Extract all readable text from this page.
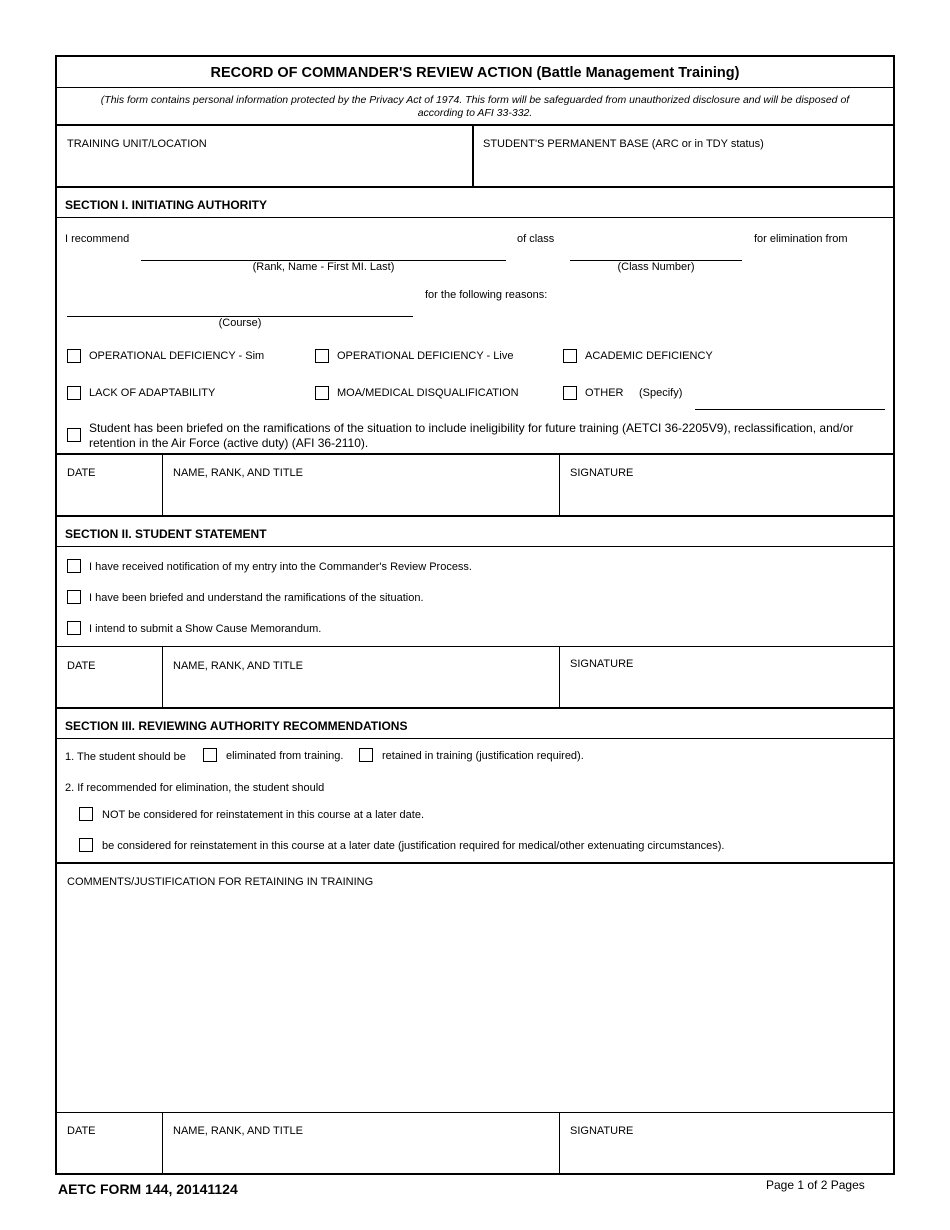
RECORD OF COMMANDER'S REVIEW ACTION (Battle Management Training)
(This form contains personal information protected by the Privacy Act of 1974. This form will be safeguarded from unauthorized disclosure and will be disposed of according to AFI 33-332.
TRAINING UNIT/LOCATION	STUDENT'S PERMANENT BASE (ARC or in TDY status)
SECTION I. INITIATING AUTHORITY
I recommend
(Rank, Name - First MI. Last)
of class
(Class Number)
for elimination from
for the following reasons:
(Course)
OPERATIONAL DEFICIENCY - Sim	OPERATIONAL DEFICIENCY - Live	ACADEMIC DEFICIENCY
LACK OF ADAPTABILITY	MOA/MEDICAL DISQUALIFICATION	OTHER (Specify)
Student has been briefed on the ramifications of the situation to include ineligibility for future training (AETCI 36-2205V9), reclassification, and/or
retention in the Air Force (active duty) (AFI 36-2110).
DATE	NAME, RANK, AND TITLE	SIGNATURE
SECTION II. STUDENT STATEMENT
I have received notification of my entry into the Commander's Review Process.
I have been briefed and understand the ramifications of the situation.
I intend to submit a Show Cause Memorandum.
DATE	NAME, RANK, AND TITLE	SIGNATURE
SECTION III. REVIEWING AUTHORITY RECOMMENDATIONS
1. The student should be	eliminated from training.	retained in training (justification required).
2. If recommended for elimination, the student should
NOT be considered for reinstatement in this course at a later date.
be considered for reinstatement in this course at a later date (justification required for medical/other extenuating circumstances).
COMMENTS/JUSTIFICATION FOR RETAINING IN TRAINING
DATE	NAME, RANK, AND TITLE	SIGNATURE
AETC FORM 144, 20141124	Page 1 of 2 Pages
